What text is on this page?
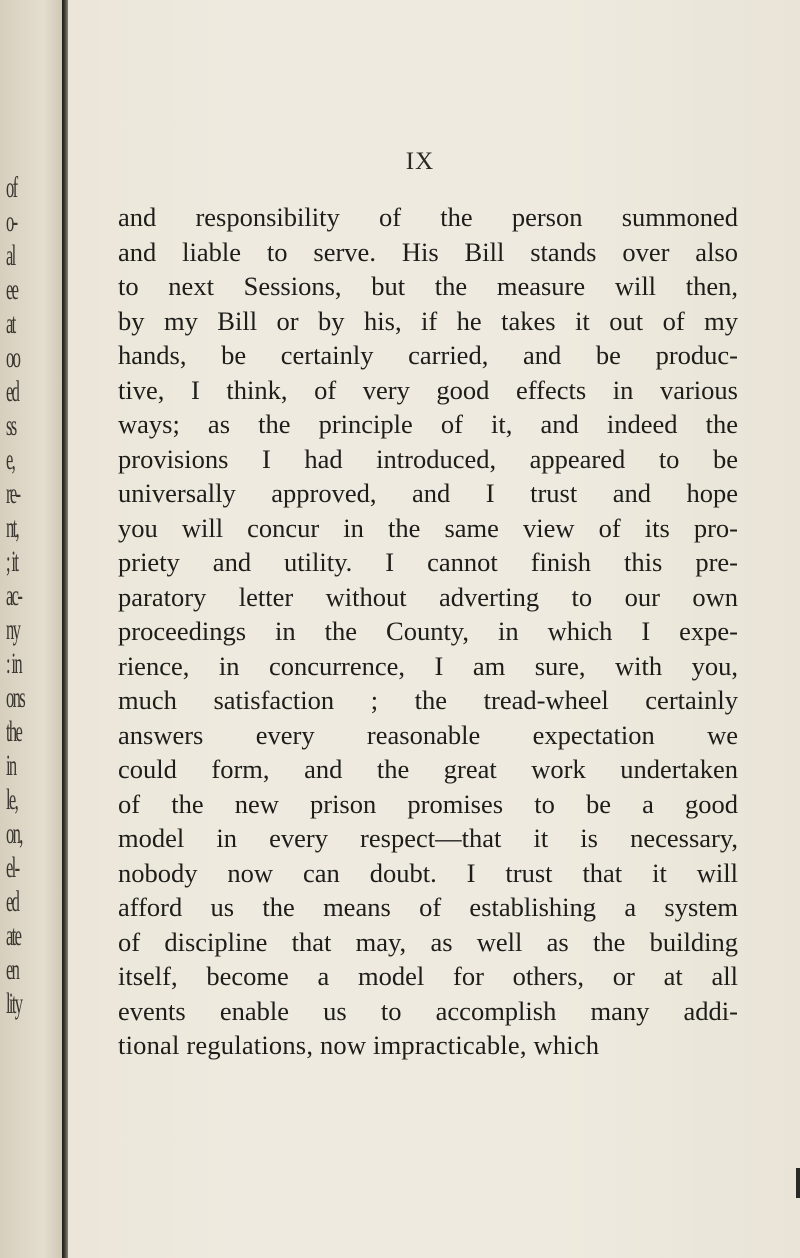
of
o-
al
ee
at
oo
ed
ss
e,
re-
nt,
; it
ac-
ny
: in
ons
the
in
le,
on,
el-
ed
ate
en
lity
IX
and responsibility of the person summoned
and liable to serve. His Bill stands over also
to next Sessions, but the measure will then,
by my Bill or by his, if he takes it out of my
hands, be certainly carried, and be produc-
tive, I think, of very good effects in various
ways; as the principle of it, and indeed the
provisions I had introduced, appeared to be
universally approved, and I trust and hope
you will concur in the same view of its pro-
priety and utility. I cannot finish this pre-
paratory letter without adverting to our own
proceedings in the County, in which I expe-
rience, in concurrence, I am sure, with you,
much satisfaction ; the tread-wheel certainly
answers every reasonable expectation we
could form, and the great work undertaken
of the new prison promises to be a good
model in every respect—that it is necessary,
nobody now can doubt. I trust that it will
afford us the means of establishing a system
of discipline that may, as well as the building
itself, become a model for others, or at all
events enable us to accomplish many addi-
tional regulations, now impracticable, which
